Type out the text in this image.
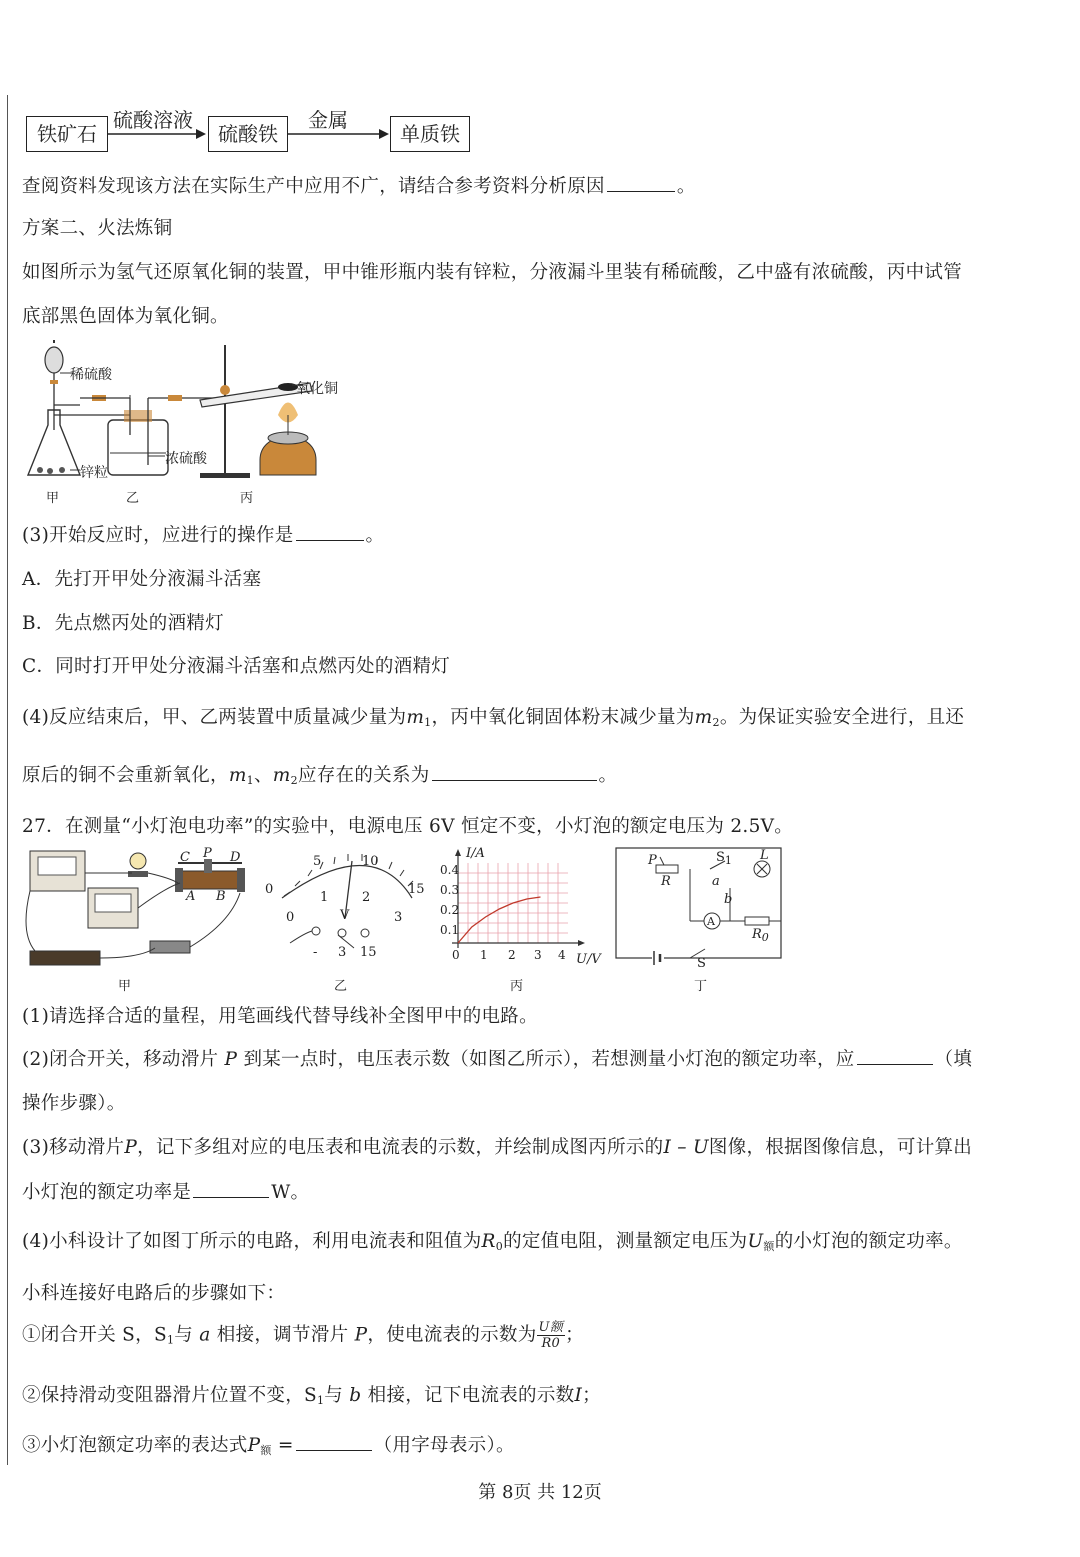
铁矿石
硫酸溶液
硫酸铁
金属
单质铁
查阅资料发现该方法在实际生产中应用不广，请结合参考资料分析原因	。
方案二、火法炼铜
如图所示为氢气还原氧化铜的装置，甲中锥形瓶内装有锌粒，分液漏斗里装有稀硫酸，乙中盛有浓硫酸，丙中试管
底部黑色固体为氧化铜。
稀硫酸
氧化铜
浓硫酸
锌粒
甲	乙	丙
(3)开始反应时，应进行的操作是	。
A．先打开甲处分液漏斗活塞
B．先点燃丙处的酒精灯
C．同时打开甲处分液漏斗活塞和点燃丙处的酒精灯
(4)反应结束后，甲、乙两装置中质量减少量为$m_1$，丙中氧化铜固体粉末减少量为$m_2$。为保证实验安全进行，且还
原后的铜不会重新氧化，$m_1$、$m_2$应存在的关系为	。
27．在测量“小灯泡电功率”的实验中，电源电压 6V 恒定不变，小灯泡的额定电压为 2.5V。
C P D
A B	0
5	10
15
0
1	2
3
V
- 3 15
I/A
0.4
0.3
0.2
0.1
0 1 2 3 4 U/V
P
R
$S_1$ L
a
b
A
$R_0$
S
甲	乙	丙	丁
(1)请选择合适的量程，用笔画线代替导线补全图甲中的电路。
(2)闭合开关，移动滑片 P 到某一点时，电压表示数（如图乙所示），若想测量小灯泡的额定功率，应	（填
操作步骤）。
(3)移动滑片P，记下多组对应的电压表和电流表的示数，并绘制成图丙所示的I – U图像，根据图像信息，可计算出
小灯泡的额定功率是	W。
(4)小科设计了如图丁所示的电路，利用电流表和阻值为$R_0$的定值电阻，测量额定电压为$U_额$的小灯泡的额定功率。
小科连接好电路后的步骤如下：
①闭合开关 S，$S_1$与 a 相接，调节滑片 P，使电流表的示数为 $\frac{\text{U额}}{R0}$ ；
②保持滑动变阻器滑片位置不变，$S_1$与 b 相接，记下电流表的示数I；
③小灯泡额定功率的表达式$P_额$ =	（用字母表示）。
第 8页 共 12页
